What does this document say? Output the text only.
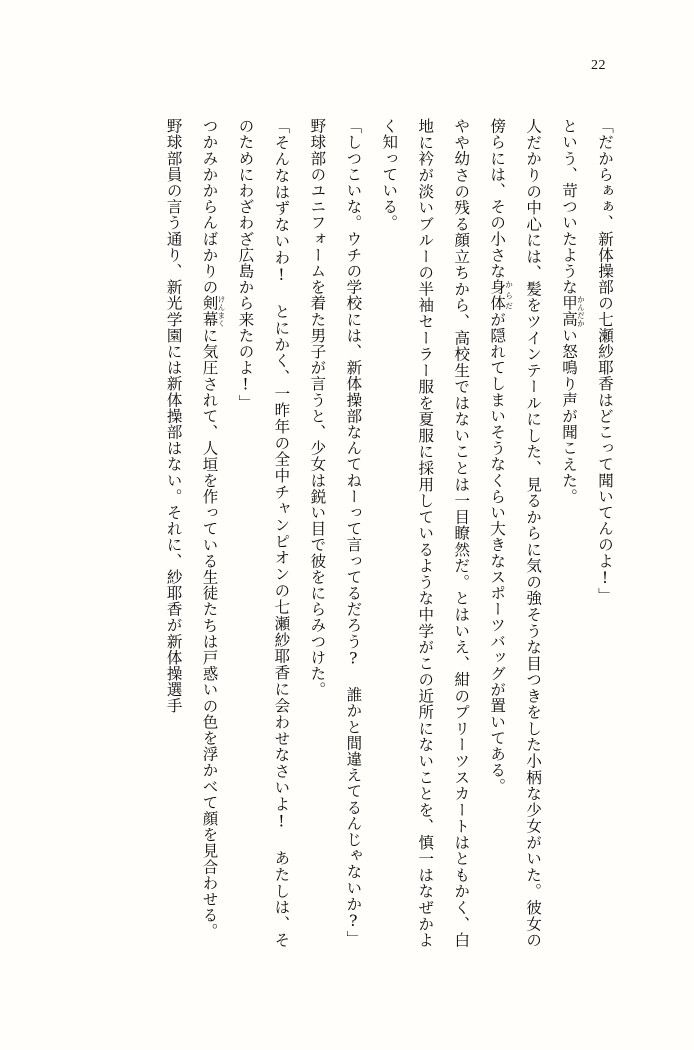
22
「だからぁぁ、新体操部の七瀬紗耶香はどこって聞いてんのよ!」
という、苛ついたような甲高かんだかい怒鳴り声が聞こえた。
人だかりの中心には、髪をツインテールにした、見るからに気の強そうな目つきをした小柄な少女がいた。彼女の傍らには、その小さな身体からだが隠れてしまいそうなくらい大きなスポーツバッグが置いてある。
やや幼さの残る顔立ちから、高校生ではないことは一目瞭然だ。とはいえ、紺のプリーツスカートはともかく、白地に衿が淡いブルーの半袖セーラー服を夏服に採用しているような中学がこの近所にないことを、慎一はなぜかよく知っている。
「しつこいな。ウチの学校には、新体操部なんてねーって言ってるだろう? 誰かと間違えてるんじゃないか?」
野球部のユニフォームを着た男子が言うと、少女は鋭い目で彼をにらみつけた。
「そんなはずないわ! とにかく、一昨年の全中チャンピオンの七瀬紗耶香に会わせなさいよ! あたしは、そのためにわざわざ広島から来たのよ!」
つかみかからんばかりの剣幕けんまくに気圧されて、人垣を作っている生徒たちは戸惑いの色を浮かべて顔を見合わせる。
野球部員の言う通り、新光学園には新体操部はない。それに、紗耶香が新体操選手
